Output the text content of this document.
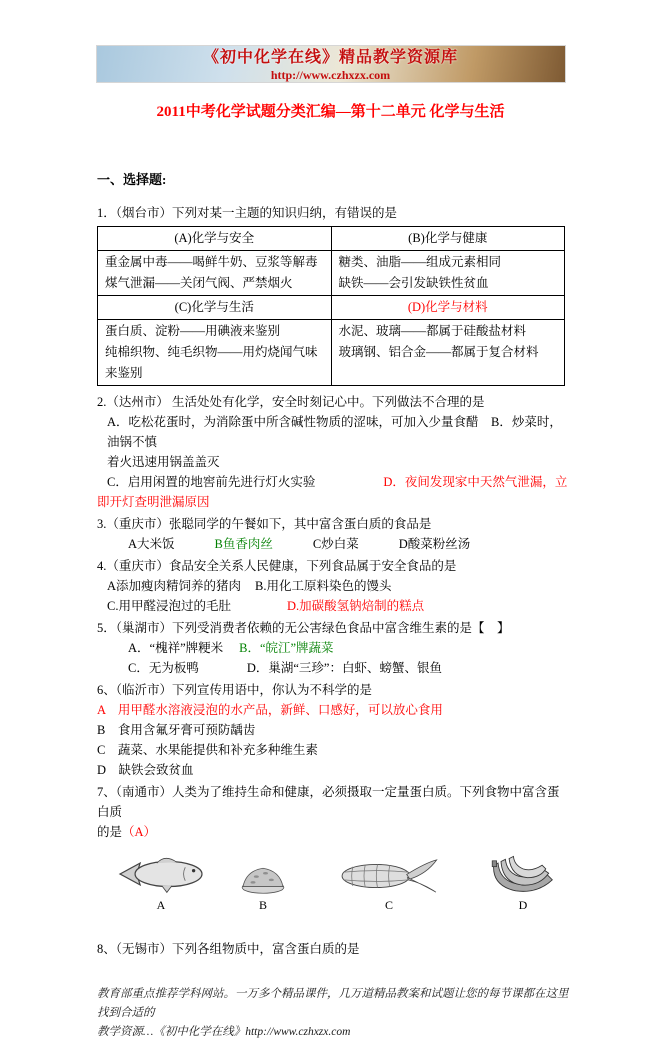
《初中化学在线》精品教学资源库
http://www.czhxzx.com
2011中考化学试题分类汇编—第十二单元 化学与生活
一、选择题:

1．（烟台市）下列对某一主题的知识归纳，有错误的是

(A)化学与安全	(B)化学与健康

重金属中毒——喝鲜牛奶、豆浆等解毒
煤气泄漏——关闭气阀、严禁烟火

糖类、油脂——组成元素相同
缺铁——会引发缺铁性贫血

(C)化学与生活	(D)化学与材料

蛋白质、淀粉——用碘液来鉴别
纯棉织物、纯毛织物——用灼烧闻气味来鉴别

水泥、玻璃——都属于硅酸盐材料
玻璃钢、铝合金——都属于复合材料

2.（达州市） 生活处处有化学，安全时刻记心中。下列做法不合理的是

A．吃松花蛋时，为消除蛋中所含碱性物质的涩味，可加入少量食醋　B．炒菜时，油锅不慎

着火迅速用锅盖盖灭

C．启用闲置的地窖前先进行灯火实验	D．夜间发现家中天然气泄漏，立

即开灯查明泄漏原因

3.（重庆市）张聪同学的午餐如下，其中富含蛋白质的食品是

A大米饭	B鱼香肉丝	C炒白菜	D酸菜粉丝汤

4.（重庆市）食品安全关系人民健康，下列食品属于安全食品的是

A添加瘦肉精饲养的猪肉 B.用化工原料染色的馒头

C.用甲醛浸泡过的毛肚	D.加碳酸氢钠焙制的糕点

5．（巢湖市）下列受消费者依赖的无公害绿色食品中富含维生素的是【　】

A．“槐祥”牌粳米 B．“皖江”牌蔬菜

C．无为板鸭	D．巢湖“三珍”：白虾、螃蟹、银鱼

6、（临沂市）下列宣传用语中，你认为不科学的是

A　用甲醛水溶液浸泡的水产品，新鲜、口感好，可以放心食用

B　食用含氟牙膏可预防龋齿

C　蔬菜、水果能提供和补充多种维生素

D　缺铁会致贫血

7、（南通市）人类为了维持生命和健康，必须摄取一定量蛋白质。下列食物中富含蛋白质

的是（A）

A	B	C	D

8、（无锡市）下列各组物质中，富含蛋白质的是

教育部重点推荐学科网站。一万多个精品课件，几万道精品教案和试题让您的每节课都在这里找到合适的

教学资源…《初中化学在线》http://www.czhxzx.com
